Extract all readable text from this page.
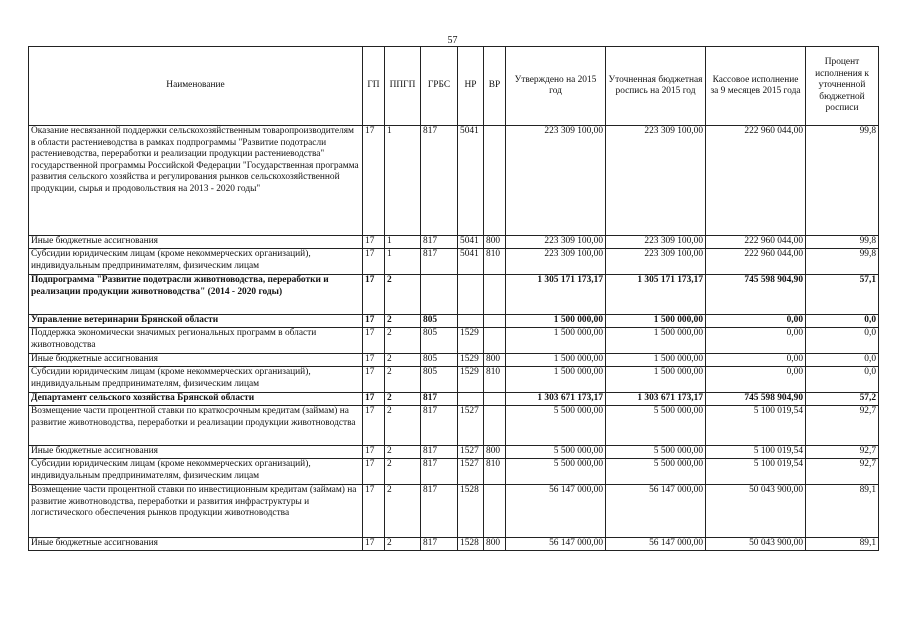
57
Наименование	ГП	ППГП	ГРБС	НР	ВР	Утверждено на 2015 год	Уточненная бюджетная роспись на 2015 год	Кассовое исполнение за 9 месяцев 2015 года	Процент исполнения к уточненной бюджетной росписи
Оказание несвязанной поддержки сельскохозяйственным товаропроизводителям в области растениеводства в рамках подпрограммы "Развитие подотрасли растениеводства, переработки и реализации продукции растениеводства" государственной программы Российской Федерации "Государственная программа развития сельского хозяйства и регулирования рынков сельскохозяйственной продукции, сырья и продовольствия на 2013 - 2020 годы"	17	1	817	5041		223 309 100,00	223 309 100,00	222 960 044,00	99,8
Иные бюджетные ассигнования	17	1	817	5041	800	223 309 100,00	223 309 100,00	222 960 044,00	99,8
Субсидии юридическим лицам (кроме некоммерческих организаций), индивидуальным предпринимателям, физическим лицам	17	1	817	5041	810	223 309 100,00	223 309 100,00	222 960 044,00	99,8
Подпрограмма "Развитие подотрасли животноводства, переработки и реализации продукции животноводства" (2014 - 2020 годы)	17	2				1 305 171 173,17	1 305 171 173,17	745 598 904,90	57,1
Управление ветеринарии Брянской области	17	2	805			1 500 000,00	1 500 000,00	0,00	0,0
Поддержка экономически значимых региональных программ в области животноводства	17	2	805	1529		1 500 000,00	1 500 000,00	0,00	0,0
Иные бюджетные ассигнования	17	2	805	1529	800	1 500 000,00	1 500 000,00	0,00	0,0
Субсидии юридическим лицам (кроме некоммерческих организаций), индивидуальным предпринимателям, физическим лицам	17	2	805	1529	810	1 500 000,00	1 500 000,00	0,00	0,0
Департамент сельского хозяйства Брянской области	17	2	817			1 303 671 173,17	1 303 671 173,17	745 598 904,90	57,2
Возмещение части процентной ставки по краткосрочным кредитам (займам) на развитие животноводства, переработки и реализации продукции животноводства	17	2	817	1527		5 500 000,00	5 500 000,00	5 100 019,54	92,7
Иные бюджетные ассигнования	17	2	817	1527	800	5 500 000,00	5 500 000,00	5 100 019,54	92,7
Субсидии юридическим лицам (кроме некоммерческих организаций), индивидуальным предпринимателям, физическим лицам	17	2	817	1527	810	5 500 000,00	5 500 000,00	5 100 019,54	92,7
Возмещение части процентной ставки по инвестиционным кредитам (займам) на развитие животноводства, переработки и развития инфраструктуры и логистического обеспечения рынков продукции животноводства	17	2	817	1528		56 147 000,00	56 147 000,00	50 043 900,00	89,1
Иные бюджетные ассигнования	17	2	817	1528	800	56 147 000,00	56 147 000,00	50 043 900,00	89,1
